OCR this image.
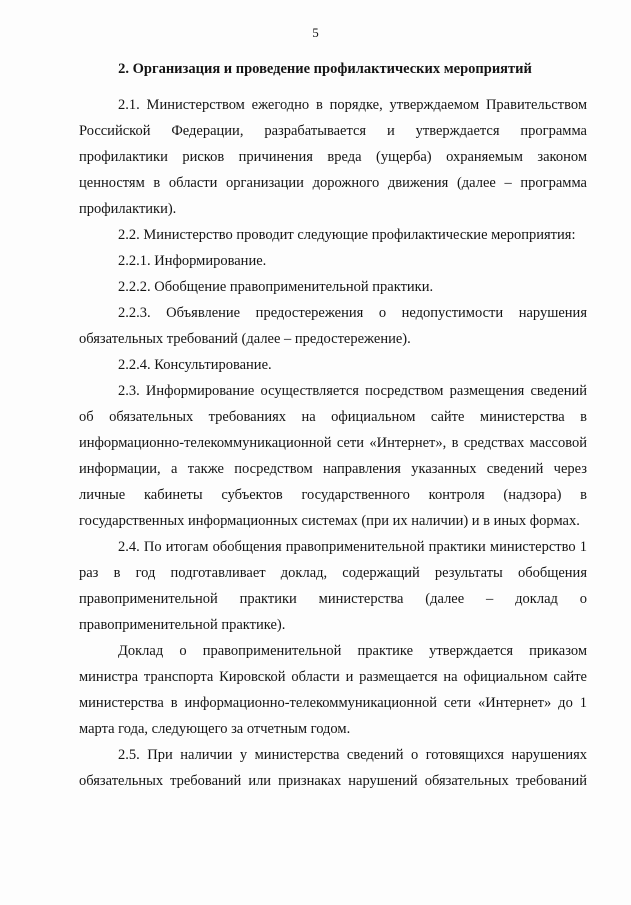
5
2. Организация и проведение профилактических мероприятий

2.1. Министерством ежегодно в порядке, утверждаемом Правительством Российской Федерации, разрабатывается и утверждается программа профилактики рисков причинения вреда (ущерба) охраняемым законом ценностям в области организации дорожного движения (далее – программа профилактики).

2.2. Министерство проводит следующие профилактические мероприятия:

2.2.1. Информирование.

2.2.2. Обобщение правоприменительной практики.

2.2.3. Объявление предостережения о недопустимости нарушения обязательных требований (далее – предостережение).

2.2.4. Консультирование.

2.3. Информирование осуществляется посредством размещения сведений об обязательных требованиях на официальном сайте министерства в информационно-телекоммуникационной сети «Интернет», в средствах массовой информации, а также посредством направления указанных сведений через личные кабинеты субъектов государственного контроля (надзора) в государственных информационных системах (при их наличии) и в иных формах.

2.4. По итогам обобщения правоприменительной практики министерство 1 раз в год подготавливает доклад, содержащий результаты обобщения правоприменительной практики министерства (далее – доклад о правоприменительной практике).

Доклад о правоприменительной практике утверждается приказом министра транспорта Кировской области и размещается на официальном сайте министерства в информационно-телекоммуникационной сети «Интернет» до 1 марта года, следующего за отчетным годом.

2.5. При наличии у министерства сведений о готовящихся нарушениях обязательных требований или признаках нарушений обязательных требований
